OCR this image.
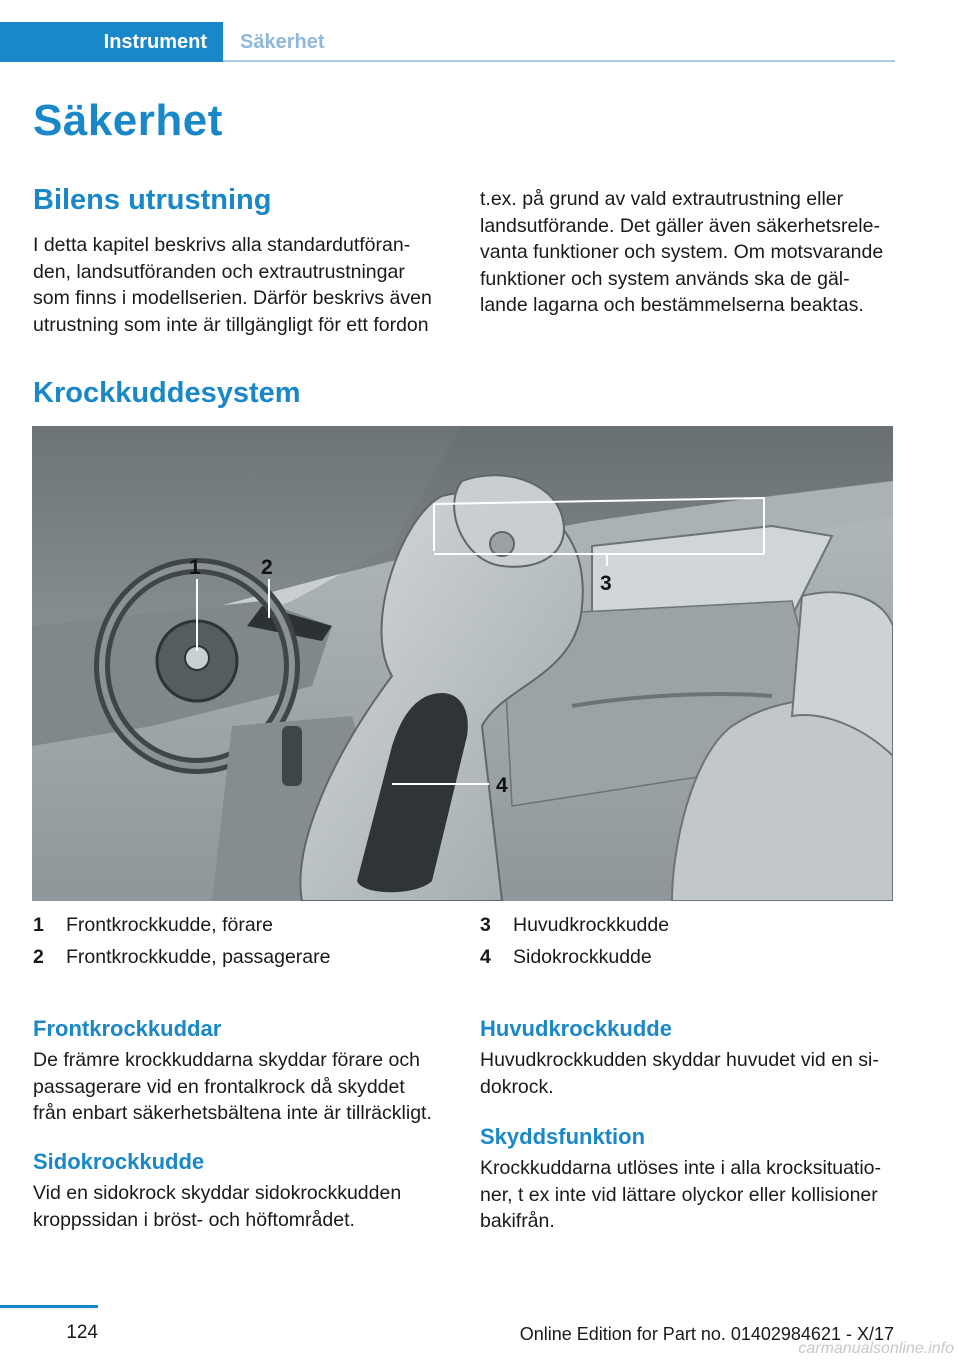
Instrument Säkerhet
Säkerhet
Bilens utrustning
I detta kapitel beskrivs alla standardutföran‐
den, landsutföranden och extrautrustningar
som finns i modellserien. Därför beskrivs även
utrustning som inte är tillgängligt för ett fordon
t.ex. på grund av vald extrautrustning eller
landsutförande. Det gäller även säkerhetsrele‐
vanta funktioner och system. Om motsvarande
funktioner och system används ska de gäl‐
lande lagarna och bestämmelserna beaktas.
Krockkuddesystem
1	2
3
4
1 Frontkrockkudde, förare
2 Frontkrockkudde, passagerare
3 Huvudkrockkudde
4 Sidokrockkudde
Frontkrockkuddar
De främre krockkuddarna skyddar förare och
passagerare vid en frontalkrock då skyddet
från enbart säkerhetsbältena inte är tillräckligt.
Sidokrockkudde
Vid en sidokrock skyddar sidokrockkudden
kroppssidan i bröst- och höftområdet.
Huvudkrockkudde
Huvudkrockkudden skyddar huvudet vid en si‐
dokrock.
Skyddsfunktion
Krockkuddarna utlöses inte i alla krocksituatio‐
ner, t ex inte vid lättare olyckor eller kollisioner
bakifrån.
124	Online Edition for Part no. 01402984621 - X/17
carmanualsonline.info
